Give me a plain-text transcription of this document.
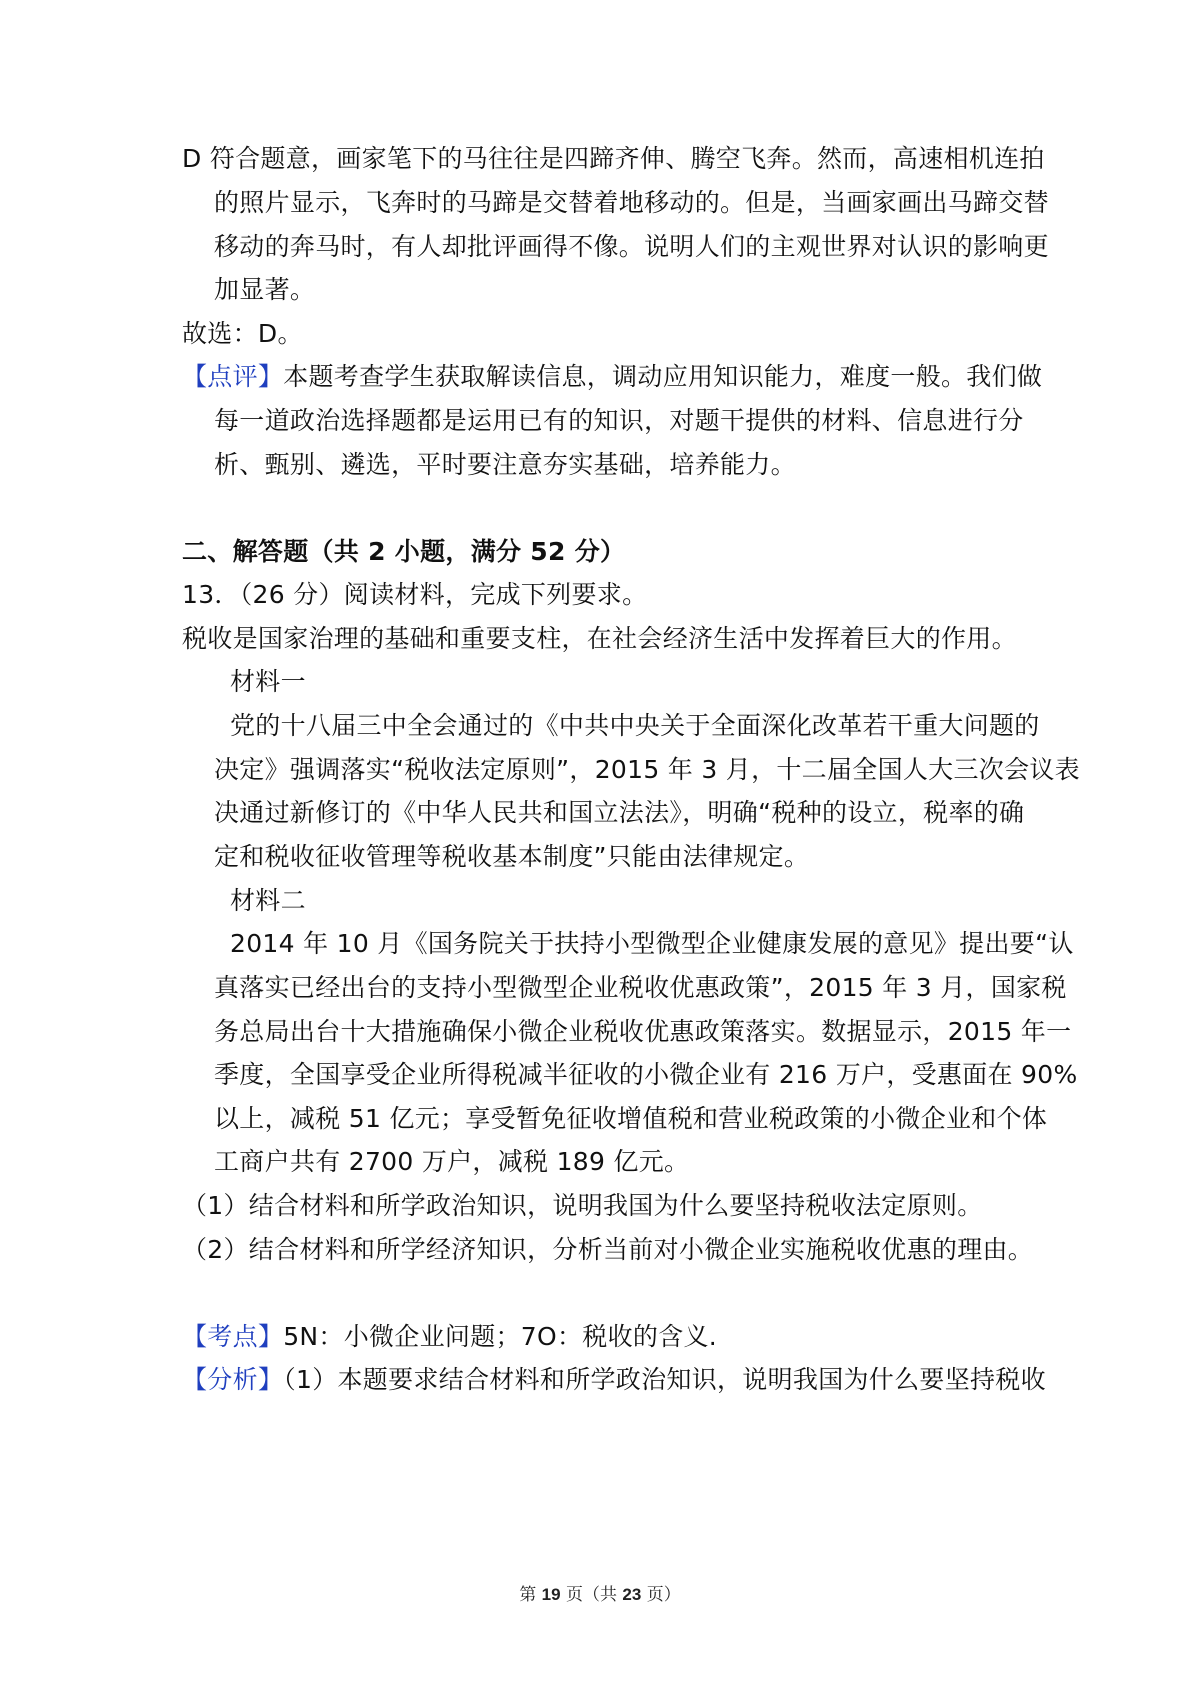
D 符合题意，画家笔下的马往往是四蹄齐伸、腾空飞奔。然而，高速相机连拍
的照片显示，飞奔时的马蹄是交替着地移动的。但是，当画家画出马蹄交替
移动的奔马时，有人却批评画得不像。说明人们的主观世界对认识的影响更
加显著。
故选：D。
【点评】本题考查学生获取解读信息，调动应用知识能力，难度一般。我们做
每一道政治选择题都是运用已有的知识，对题干提供的材料、信息进行分
析、甄别、遴选，平时要注意夯实基础，培养能力。
二、解答题（共 2 小题，满分 52 分）
13．（26 分）阅读材料，完成下列要求。
税收是国家治理的基础和重要支柱，在社会经济生活中发挥着巨大的作用。
材料一
党的十八届三中全会通过的《中共中央关于全面深化改革若干重大问题的
决定》强调落实“税收法定原则”，2015 年 3 月，十二届全国人大三次会议表
决通过新修订的《中华人民共和国立法法》，明确“税种的设立，税率的确
定和税收征收管理等税收基本制度”只能由法律规定。
材料二
2014 年 10 月《国务院关于扶持小型微型企业健康发展的意见》提出要“认
真落实已经出台的支持小型微型企业税收优惠政策”，2015 年 3 月，国家税
务总局出台十大措施确保小微企业税收优惠政策落实。数据显示，2015 年一
季度，全国享受企业所得税减半征收的小微企业有 216 万户，受惠面在 90%
以上，减税 51 亿元；享受暂免征收增值税和营业税政策的小微企业和个体
工商户共有 2700 万户，减税 189 亿元。
（1）结合材料和所学政治知识，说明我国为什么要坚持税收法定原则。
（2）结合材料和所学经济知识，分析当前对小微企业实施税收优惠的理由。
【考点】5N：小微企业问题；7O：税收的含义.
【分析】（1）本题要求结合材料和所学政治知识，说明我国为什么要坚持税收
第 19 页（共 23 页）
